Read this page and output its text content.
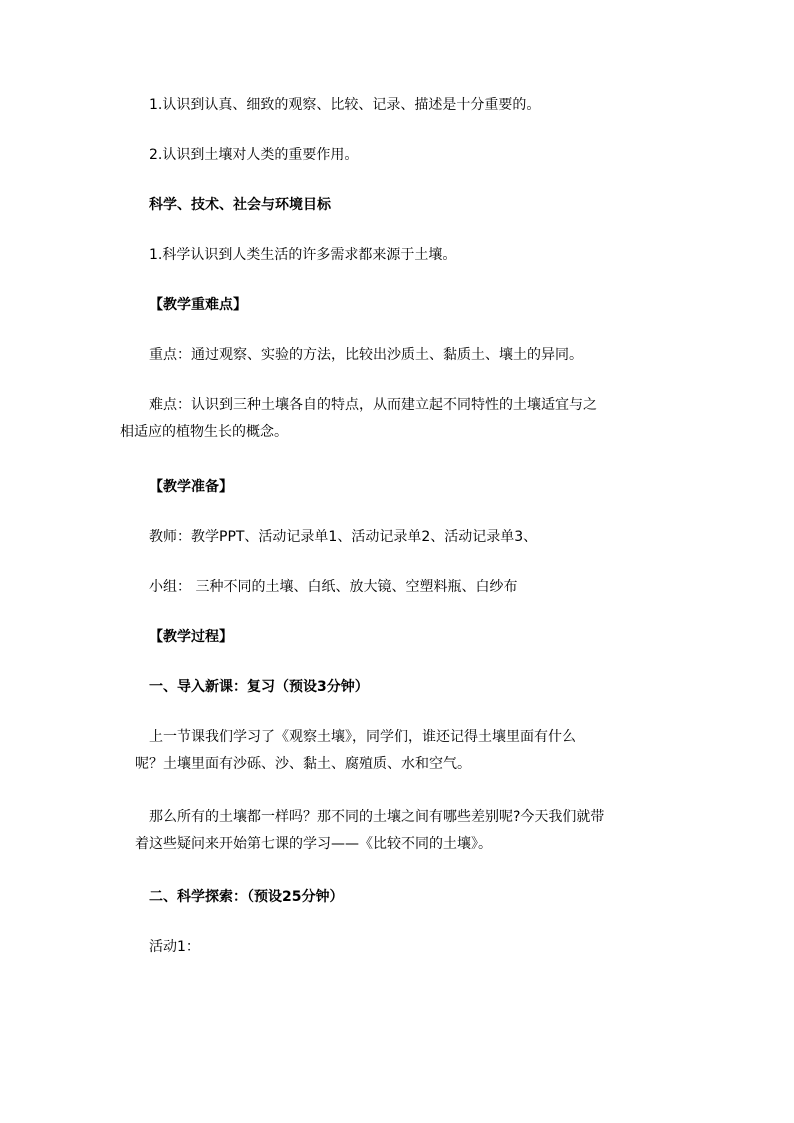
1.认识到认真、细致的观察、比较、记录、描述是十分重要的。
2.认识到土壤对人类的重要作用。
科学、技术、社会与环境目标
1.科学认识到人类生活的许多需求都来源于土壤。
【教学重难点】
重点：通过观察、实验的方法，比较出沙质土、黏质土、壤土的异同。
难点：认识到三种土壤各自的特点，从而建立起不同特性的土壤适宜与之
相适应的植物生长的概念。
【教学准备】
教师：教学PPT、活动记录单1、活动记录单2、活动记录单3、
小组： 三种不同的土壤、白纸、放大镜、空塑料瓶、白纱布
【教学过程】
一、导入新课：复习（预设3分钟）
上一节课我们学习了《观察土壤》，同学们，谁还记得土壤里面有什么
呢？土壤里面有沙砾、沙、黏土、腐殖质、水和空气。
那么所有的土壤都一样吗？那不同的土壤之间有哪些差别呢?今天我们就带
着这些疑问来开始第七课的学习——《比较不同的土壤》。
二、科学探索：（预设25分钟）
活动1：
